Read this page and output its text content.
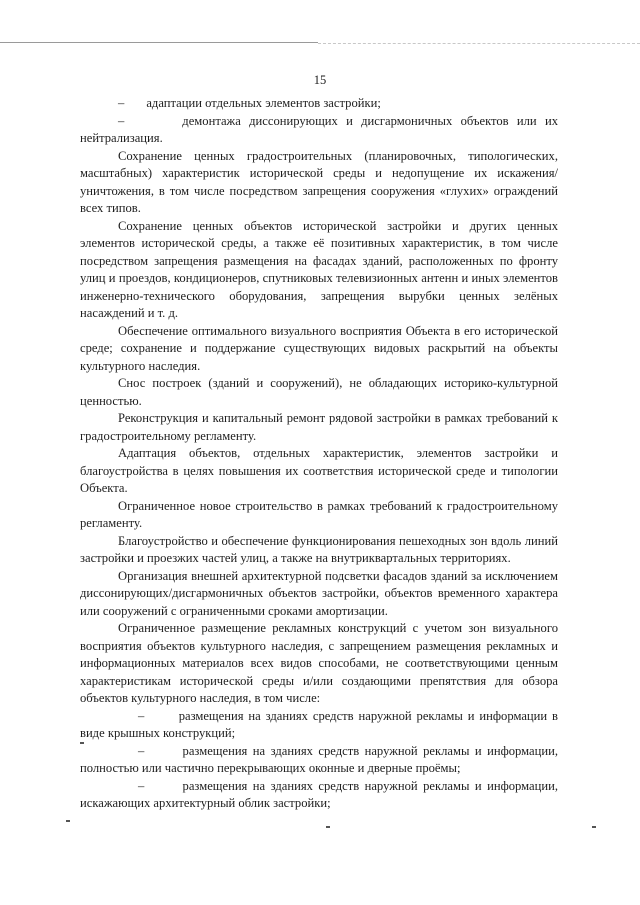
15

–       адаптации отдельных элементов застройки;

–       демонтажа диссонирующих и дисгармоничных объектов или их нейтрализация.

Сохранение ценных градостроительных (планировочных, типологических, масштабных) характеристик исторической среды и недопущение их искажения/уничтожения, в том числе посредством запрещения сооружения «глухих» ограждений всех типов.

Сохранение ценных объектов исторической застройки и других ценных элементов исторической среды, а также её позитивных характеристик, в том числе посредством запрещения размещения на фасадах зданий, расположенных по фронту улиц и проездов, кондиционеров, спутниковых телевизионных антенн и иных элементов инженерно-технического оборудования, запрещения вырубки ценных зелёных насаждений и т. д.

Обеспечение оптимального визуального восприятия Объекта в его исторической среде; сохранение и поддержание существующих видовых раскрытий на объекты культурного наследия.

Снос построек (зданий и сооружений), не обладающих историко-культурной ценностью.

Реконструкция и капитальный ремонт рядовой застройки в рамках требований к градостроительному регламенту.

Адаптация объектов, отдельных характеристик, элементов застройки и благоустройства в целях повышения их соответствия исторической среде и типологии Объекта.

Ограниченное новое строительство в рамках требований к градостроительному регламенту.

Благоустройство и обеспечение функционирования пешеходных зон вдоль линий застройки и проезжих частей улиц, а также на внутриквартальных территориях.

Организация внешней архитектурной подсветки фасадов зданий за исключением диссонирующих/дисгармоничных объектов застройки, объектов временного характера или сооружений с ограниченными сроками амортизации.

Ограниченное размещение рекламных конструкций с учетом зон визуального восприятия объектов культурного наследия, с запрещением размещения рекламных и информационных материалов всех видов способами, не соответствующими ценным характеристикам исторической среды и/или создающими препятствия для обзора объектов культурного наследия, в том числе:

–       размещения на зданиях средств наружной рекламы и информации в виде крышных конструкций;

–       размещения на зданиях средств наружной рекламы и информации, полностью или частично перекрывающих оконные и дверные проёмы;

–       размещения на зданиях средств наружной рекламы и информации, искажающих архитектурный облик застройки;
